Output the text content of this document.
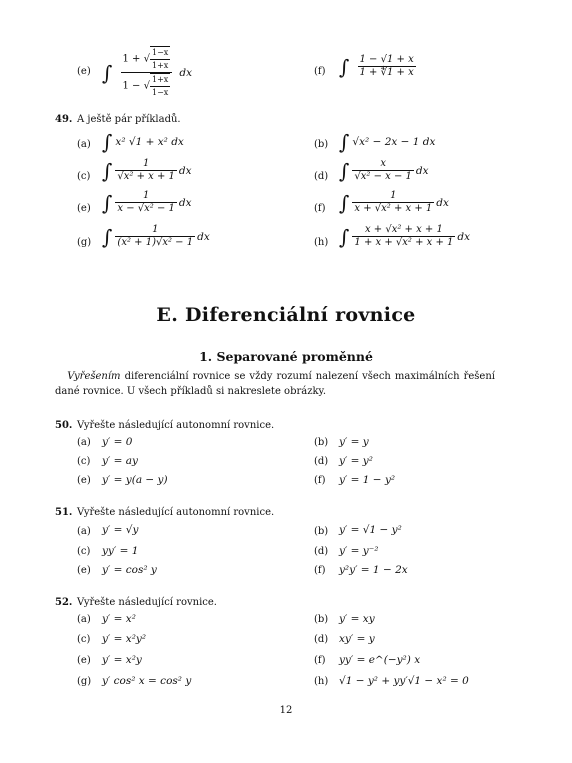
(e) ∫ $\frac{1 + √ \frac{1-x}{1+x}}{1 - √ \frac{1+x}{1-x}}$ dx	(f) ∫ $\frac{1 - √1 + x}{1 + ∜1 + x}$
49. A ještě pár příkladů.
(a) ∫ x² √1 + x² dx	(b) ∫ √x² − 2x − 1 dx
(c) ∫ $\frac{1}{\text{√x² + x + 1}}$ dx	(d) ∫ $\frac{x}{\text{√x² − x − 1}}$ dx
(e) ∫ $\frac{1}{\text{x − √x² − 1}}$ dx	(f) ∫ $\frac{1}{\text{x + √x² + x + 1}}$ dx
(g) ∫ $\frac{1}{\text{(x² + 1)√x² − 1}}$ dx	(h) ∫ $\frac{\text{x + √x² + x + 1}}{\text{1 + x + √x² + x + 1}}$ dx
E. Diferenciální rovnice
1. Separované proměnné
Vyřešením diferenciální rovnice se vždy rozumí nalezení všech maximálních řešení dané rovnice. U všech příkladů si nakreslete obrázky.
50. Vyřešte následující autonomní rovnice.
(a) y′ = 0	(b) y′ = y
(c) y′ = ay	(d) y′ = y²
(e) y′ = y(a − y)	(f) y′ = 1 − y²
51. Vyřešte následující autonomní rovnice.
(a) y′ = √y	(b) y′ = √1 − y²
(c) yy′ = 1	(d) y′ = y⁻²
(e) y′ = cos² y	(f) y²y′ = 1 − 2x
52. Vyřešte následující rovnice.
(a) y′ = x²	(b) y′ = xy
(c) y′ = x²y²	(d) xy′ = y
(e) y′ = x²y	(f) yy′ = e^(−y²) x
(g) y′ cos² x = cos² y	(h) √1 − y² + yy′√1 − x² = 0
12
